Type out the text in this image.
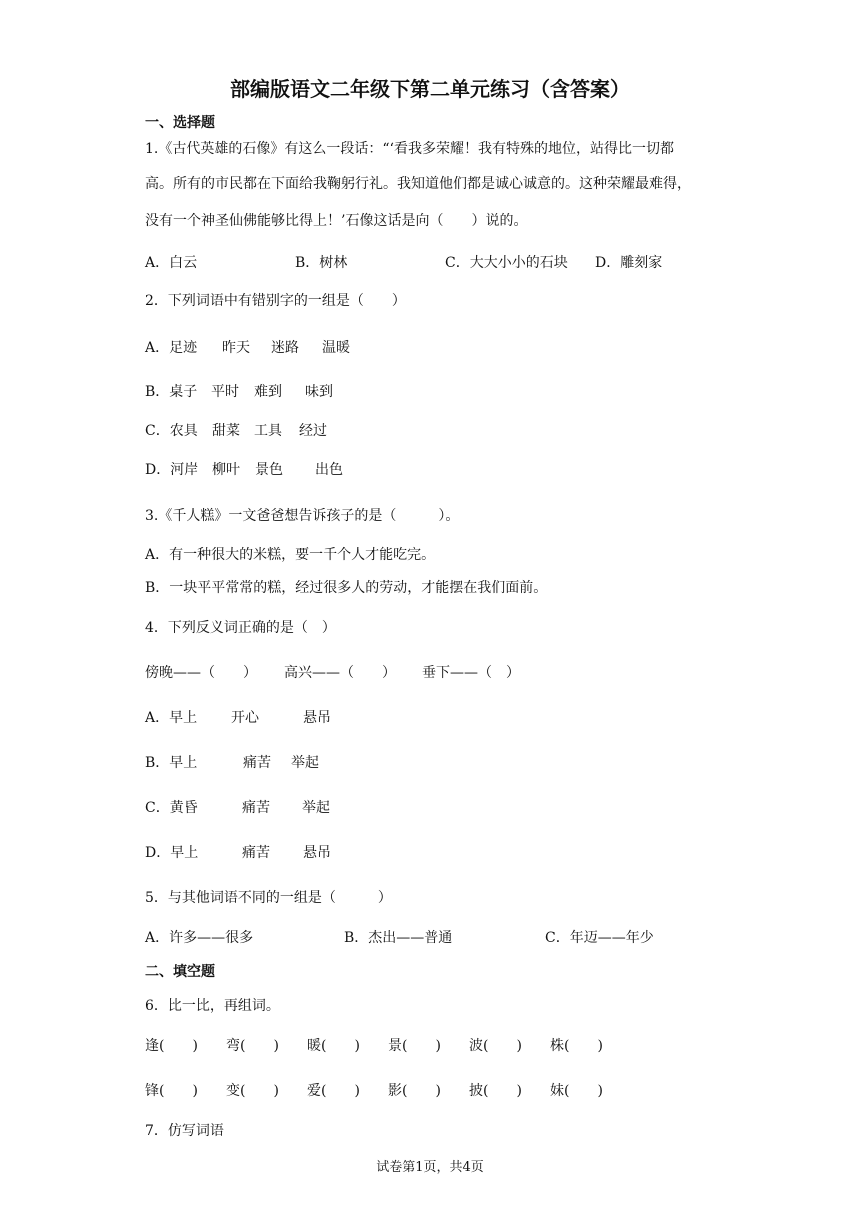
部编版语文二年级下第二单元练习（含答案）
一、选择题
1.《古代英雄的石像》有这么一段话：“‘看我多荣耀！我有特殊的地位，站得比一切都
高。所有的市民都在下面给我鞠躬行礼。我知道他们都是诚心诚意的。这种荣耀最难得，
没有一个神圣仙佛能够比得上！’石像这话是向（　　）说的。
A．白云	B．树林	C．大大小小的石块 D．雕刻家
2．下列词语中有错别字的一组是（　　）
A．足迹 昨天 迷路 温暖
B．桌子 平时 难到 味到
C．农具 甜菜 工具 经过
D．河岸 柳叶 景色 出色
3.《千人糕》一文爸爸想告诉孩子的是（　　　）。
A．有一种很大的米糕，要一千个人才能吃完。
B．一块平平常常的糕，经过很多人的劳动，才能摆在我们面前。
4．下列反义词正确的是（　）
傍晚——（　　） 高兴——（　　） 垂下——（　）
A．早上 开心	悬吊
B．早上	痛苦 举起
C．黄昏	痛苦 举起
D．早上	痛苦 悬吊
5．与其他词语不同的一组是（　　　）
A．许多——很多	B．杰出——普通	C．年迈——年少
二、填空题
6．比一比，再组词。
逢(　　) 弯(　　) 暖(　　) 景(　　) 波(　　) 株(　　)
锋(　　) 变(　　) 爱(　　) 影(　　) 披(　　) 妹(　　)
7．仿写词语
试卷第1页，共4页
